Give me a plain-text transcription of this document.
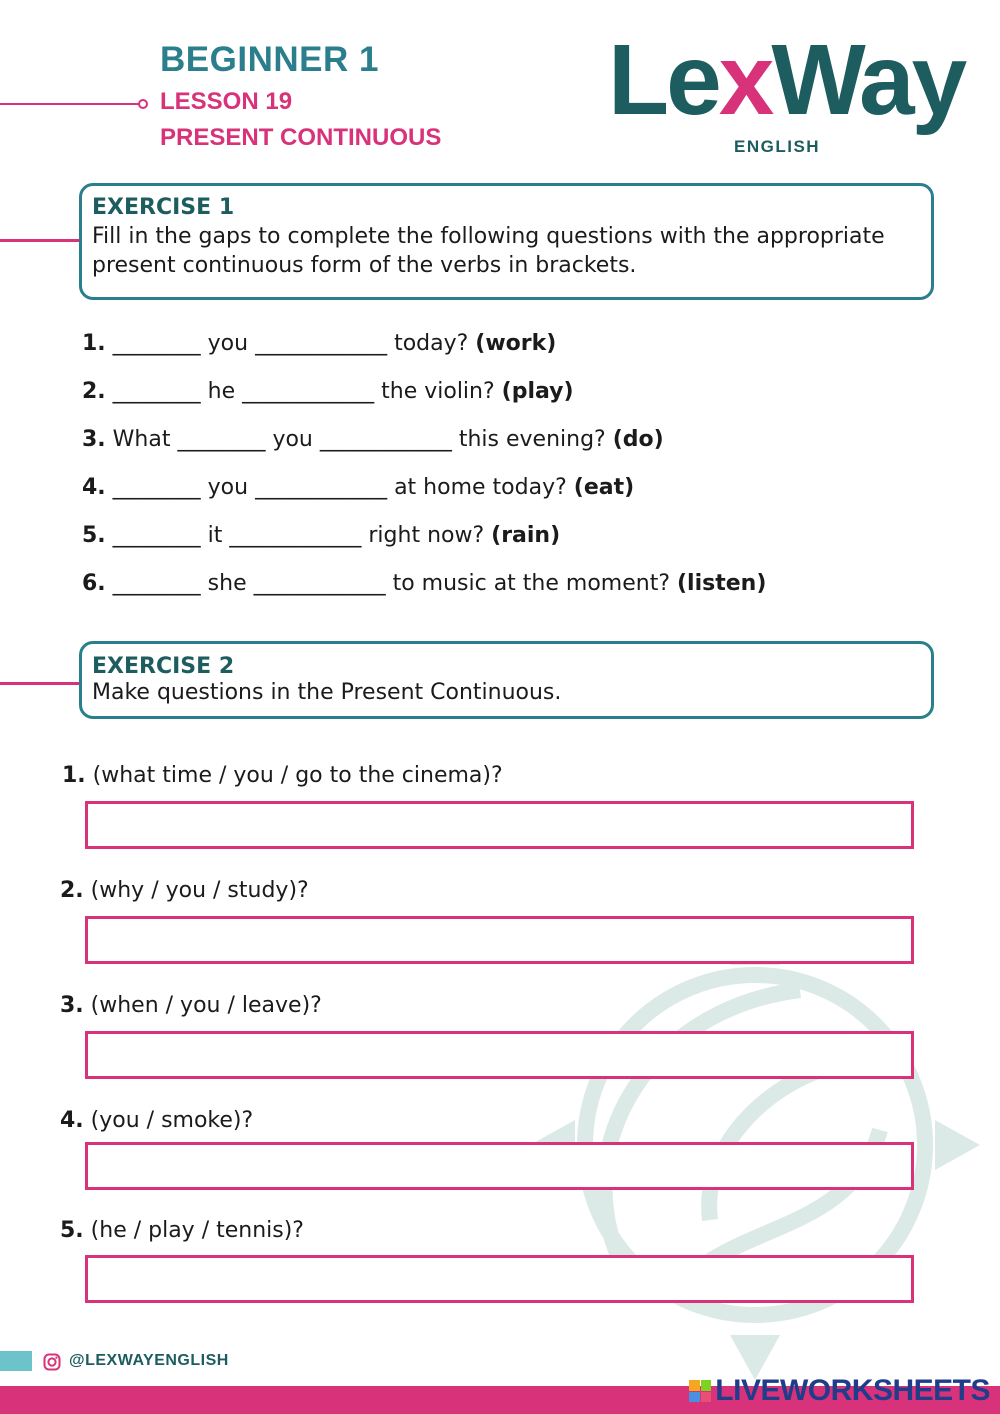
BEGINNER 1
LESSON 19
PRESENT CONTINUOUS
LexWay
ENGLISH
EXERCISE 1
Fill in the gaps to complete the following questions with the appropriate present continuous form of the verbs in brackets.
1. ________ you ____________ today? (work)
2. ________ he ____________ the violin? (play)
3. What ________ you ____________ this evening? (do)
4. ________ you ____________ at home today? (eat)
5. ________ it ____________ right now? (rain)
6. ________ she ____________ to music at the moment? (listen)
EXERCISE 2
Make questions in the Present Continuous.
1. (what time / you / go to the cinema)?
2. (why / you / study)?
3. (when / you / leave)?
4. (you / smoke)?
5. (he / play / tennis)?
@LEXWAYENGLISH
LIVEWORKSHEETS
